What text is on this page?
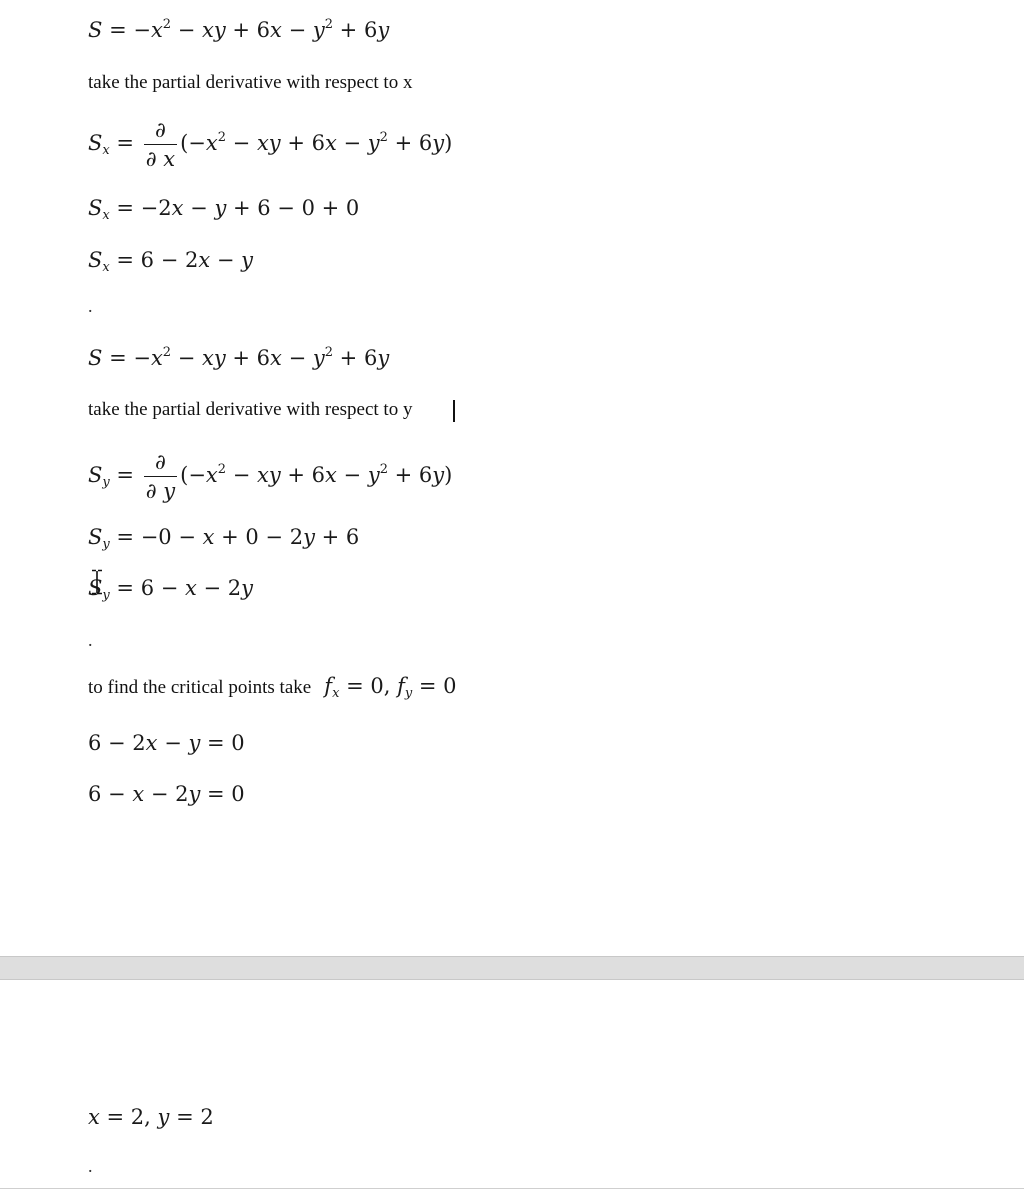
$S = -x^2$ − xy + $6x - y^2 + 6y$
take the partial derivative with respect to x
$S_x = \frac{\partial}{\partial x} (-x^2$ − xy + $6x - y^2 + 6y$)
$S_x = -2x - y + 6 - 0 + 0$
$S_x = 6 - 2x - y$
.
$S = -x^2$ − xy + $6x - y^2 + 6y$
take the partial derivative with respect to y
$S_y = \frac{\partial}{\partial y} (-x^2$ − xy + $6x - y^2 + 6y$)
$S_y = -0 - x + 0 - 2y + 6$
$S_y = 6 - x - 2y$
.
to find the critical points take $f_x = 0$, $f_y = 0$
6 − 2x − y = 0
6 − x − 2y = 0
x = 2, y = 2
.
